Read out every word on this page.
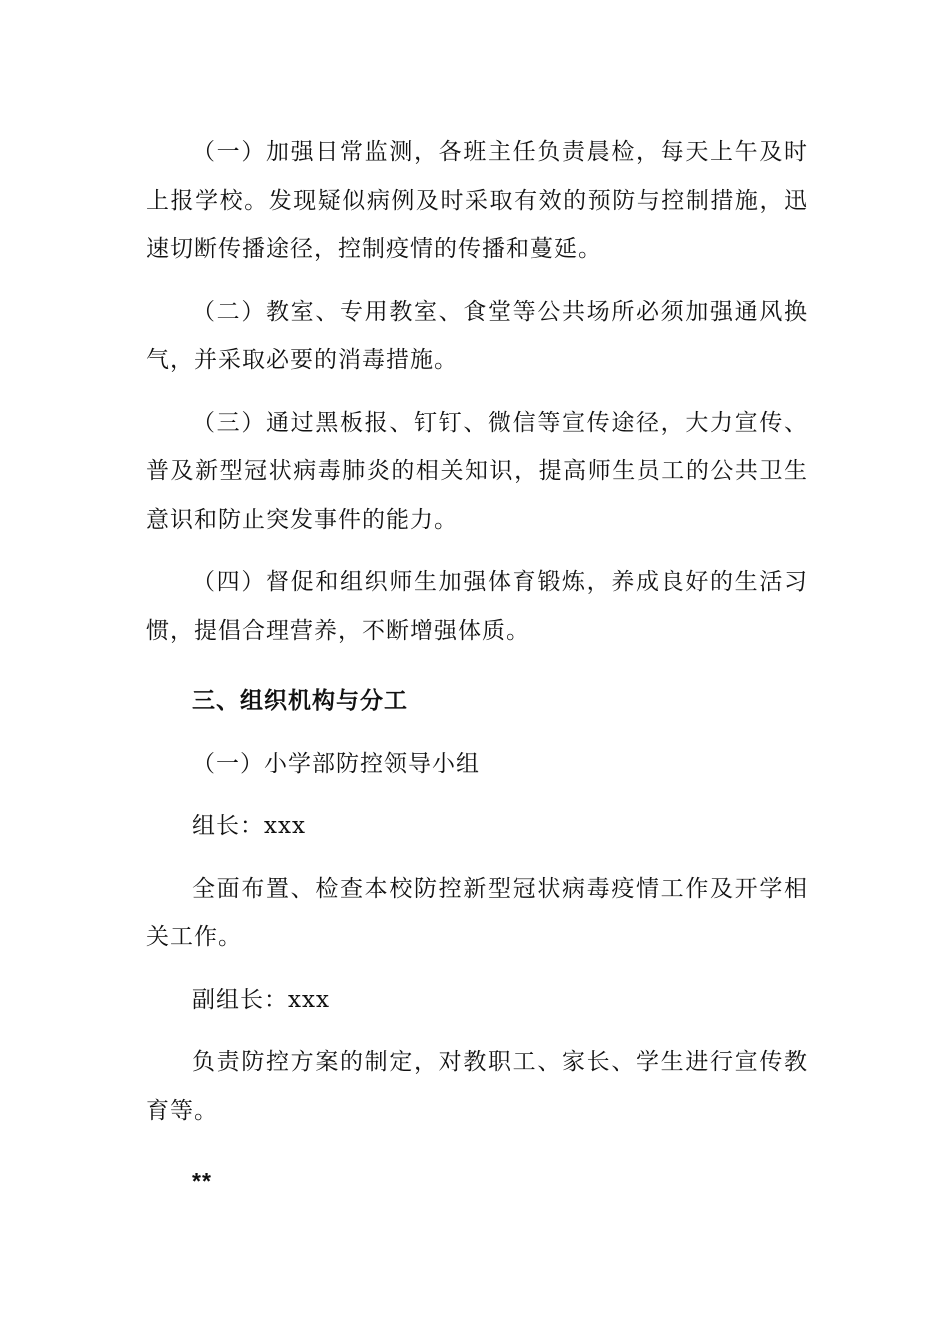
（一）加强日常监测，各班主任负责晨检，每天上午及时上报学校。发现疑似病例及时采取有效的预防与控制措施，迅速切断传播途径，控制疫情的传播和蔓延。

（二）教室、专用教室、食堂等公共场所必须加强通风换气，并采取必要的消毒措施。

（三）通过黑板报、钉钉、微信等宣传途径，大力宣传、普及新型冠状病毒肺炎的相关知识，提高师生员工的公共卫生意识和防止突发事件的能力。

（四）督促和组织师生加强体育锻炼，养成良好的生活习惯，提倡合理营养，不断增强体质。

三、组织机构与分工

（一）小学部防控领导小组

组长：xxx

全面布置、检查本校防控新型冠状病毒疫情工作及开学相关工作。

副组长：xxx

负责防控方案的制定，对教职工、家长、学生进行宣传教育等。

**
